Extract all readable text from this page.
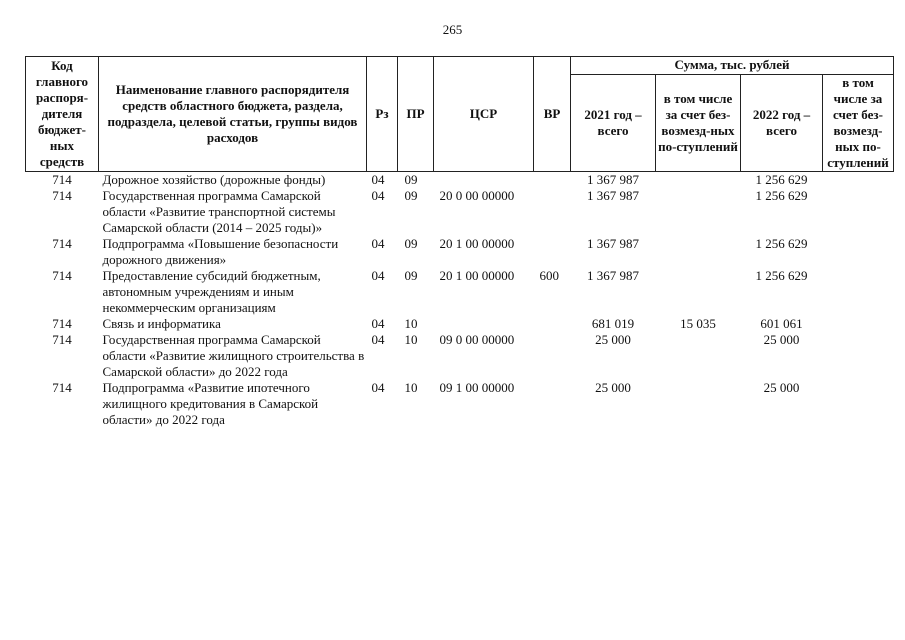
265
Код главного распоря-дителя бюджет-ных средств	Наименование главного распорядителя средств областного бюджета, раздела, подраздела, целевой статьи, группы видов расходов	Рз	ПР	ЦСР	ВР	Сумма, тыс. рублей			
						2021 год – всего	в том числе за счет без-возмезд-ных по-ступлений	2022 год – всего	в том числе за счет без-возмезд-ных по-ступлений
714	Дорожное хозяйство (дорожные фонды)	04	09			1 367 987		1 256 629	
714	Государственная программа Самарской области «Развитие транспортной системы Самарской области (2014 – 2025 годы)»	04	09	20 0 00 00000		1 367 987		1 256 629	
714	Подпрограмма «Повышение безопасности дорожного движения»	04	09	20 1 00 00000		1 367 987		1 256 629	
714	Предоставление субсидий бюджетным, автономным учреждениям и иным некоммерческим организациям	04	09	20 1 00 00000	600	1 367 987		1 256 629	
714	Связь и информатика	04	10			681 019	15 035	601 061	
714	Государственная программа Самарской области «Развитие жилищного строительства в Самарской области» до 2022 года	04	10	09 0 00 00000		25 000		25 000	
714	Подпрограмма «Развитие ипотечного жилищного кредитования в Самарской области» до 2022 года	04	10	09 1 00 00000		25 000		25 000	
